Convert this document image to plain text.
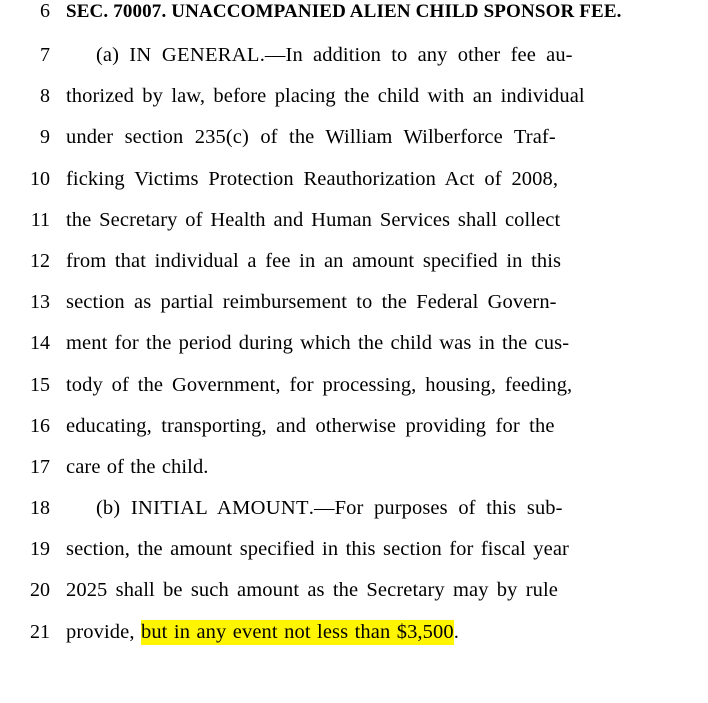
6 SEC. 70007. UNACCOMPANIED ALIEN CHILD SPONSOR FEE.
7	(a) IN GENERAL.—In addition to any other fee au-
8 thorized by law, before placing the child with an individual
9 under section 235(c) of the William Wilberforce Traf-
10 ficking Victims Protection Reauthorization Act of 2008,
11 the Secretary of Health and Human Services shall collect
12 from that individual a fee in an amount specified in this
13 section as partial reimbursement to the Federal Govern-
14 ment for the period during which the child was in the cus-
15 tody of the Government, for processing, housing, feeding,
16 educating, transporting, and otherwise providing for the
17 care of the child.
18	(b) INITIAL AMOUNT.—For purposes of this sub-
19 section, the amount specified in this section for fiscal year
20 2025 shall be such amount as the Secretary may by rule
21 provide, but in any event not less than $3,500.
